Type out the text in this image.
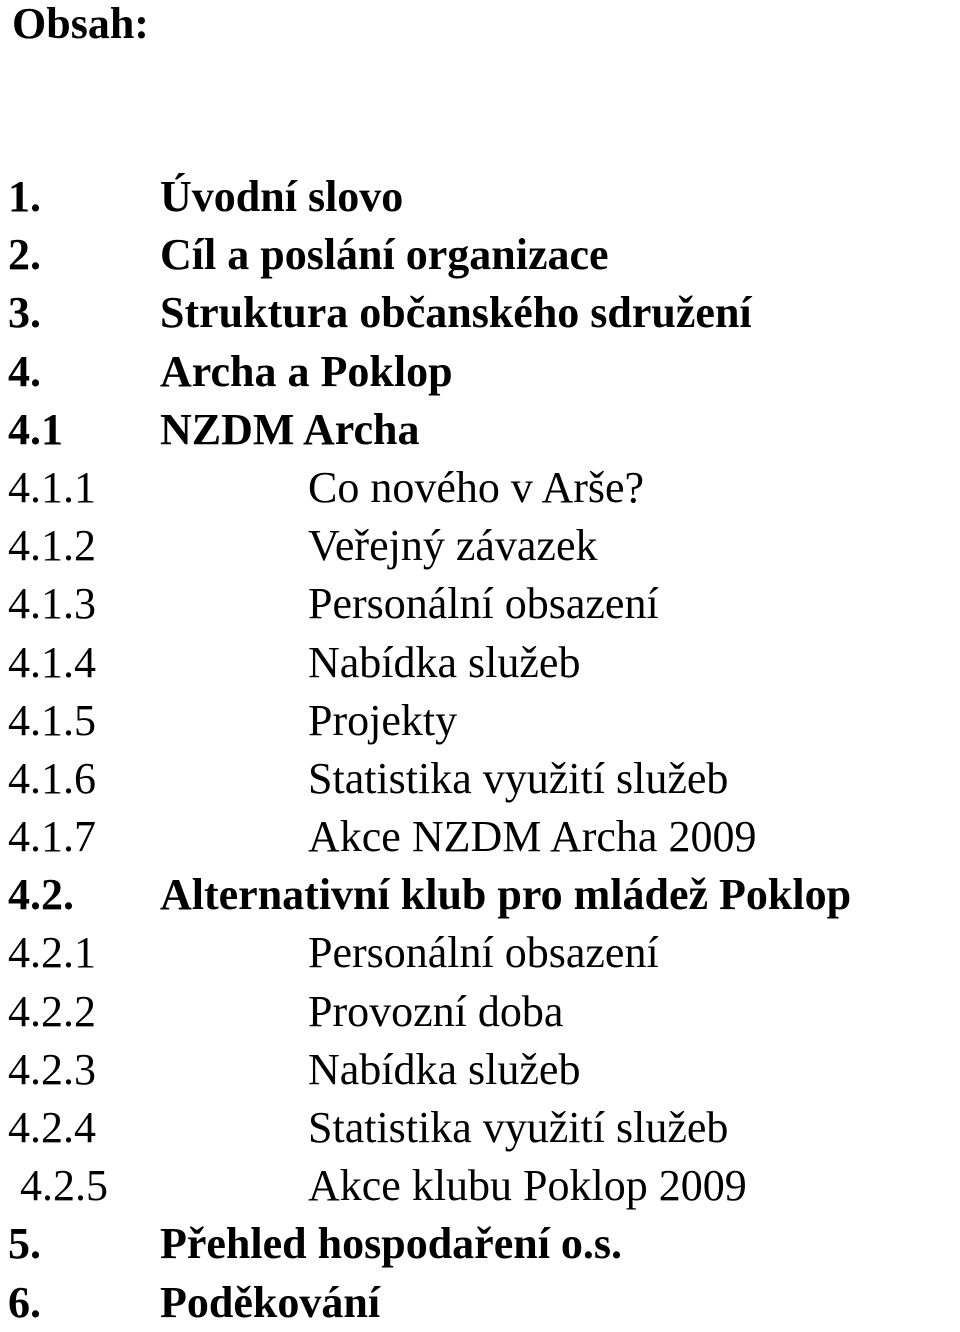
Obsah:
1.	Úvodní slovo
2.	Cíl a poslání organizace
3.	Struktura občanského sdružení
4.	Archa a Poklop
4.1 NZDM Archa
4.1.1	Co nového v Arše?
4.1.2	Veřejný závazek
4.1.3	Personální obsazení
4.1.4	Nabídka služeb
4.1.5	Projekty
4.1.6	Statistika využití služeb
4.1.7	Akce NZDM Archa 2009
4.2. Alternativní klub pro mládež Poklop
4.2.1	Personální obsazení
4.2.2	Provozní doba
4.2.3	Nabídka služeb
4.2.4	Statistika využití služeb
4.2.5	Akce klubu Poklop 2009
5.	Přehled hospodaření o.s.
6.	Poděkování
